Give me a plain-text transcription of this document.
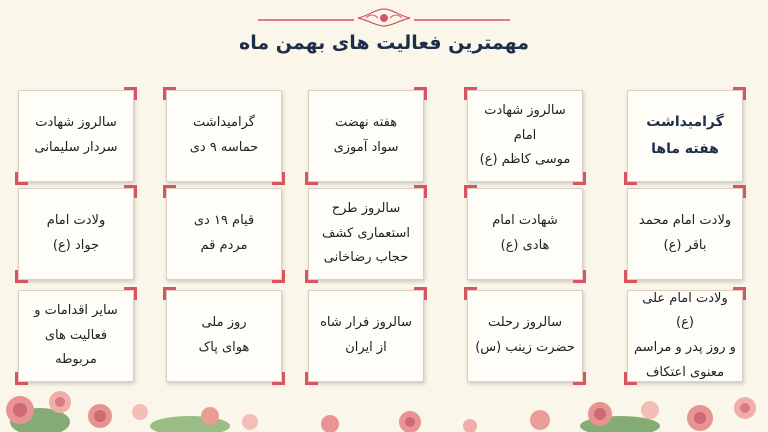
مهمترین فعالیت های بهمن ماه
گرامیداشت
هفته ماها
سالروز شهادت امام
موسی کاظم (ع)
هفته نهضت
سواد آموزی
گرامیداشت
حماسه ۹ دی
سالروز شهادت
سردار سلیمانی
ولادت امام محمد
باقر (ع)
شهادت امام
هادی (ع)
سالروز طرح
استعماری کشف
حجاب رضاخانی
قیام ۱۹ دی
مردم قم
ولادت امام
جواد (ع)
ولادت امام علی (ع)
و روز پدر و مراسم
معنوی اعتکاف
سالروز رحلت
حضرت زینب (س)
سالروز فرار شاه
از ایران
روز ملی
هوای پاک
سایر اقدامات و
فعالیت های مربوطه
